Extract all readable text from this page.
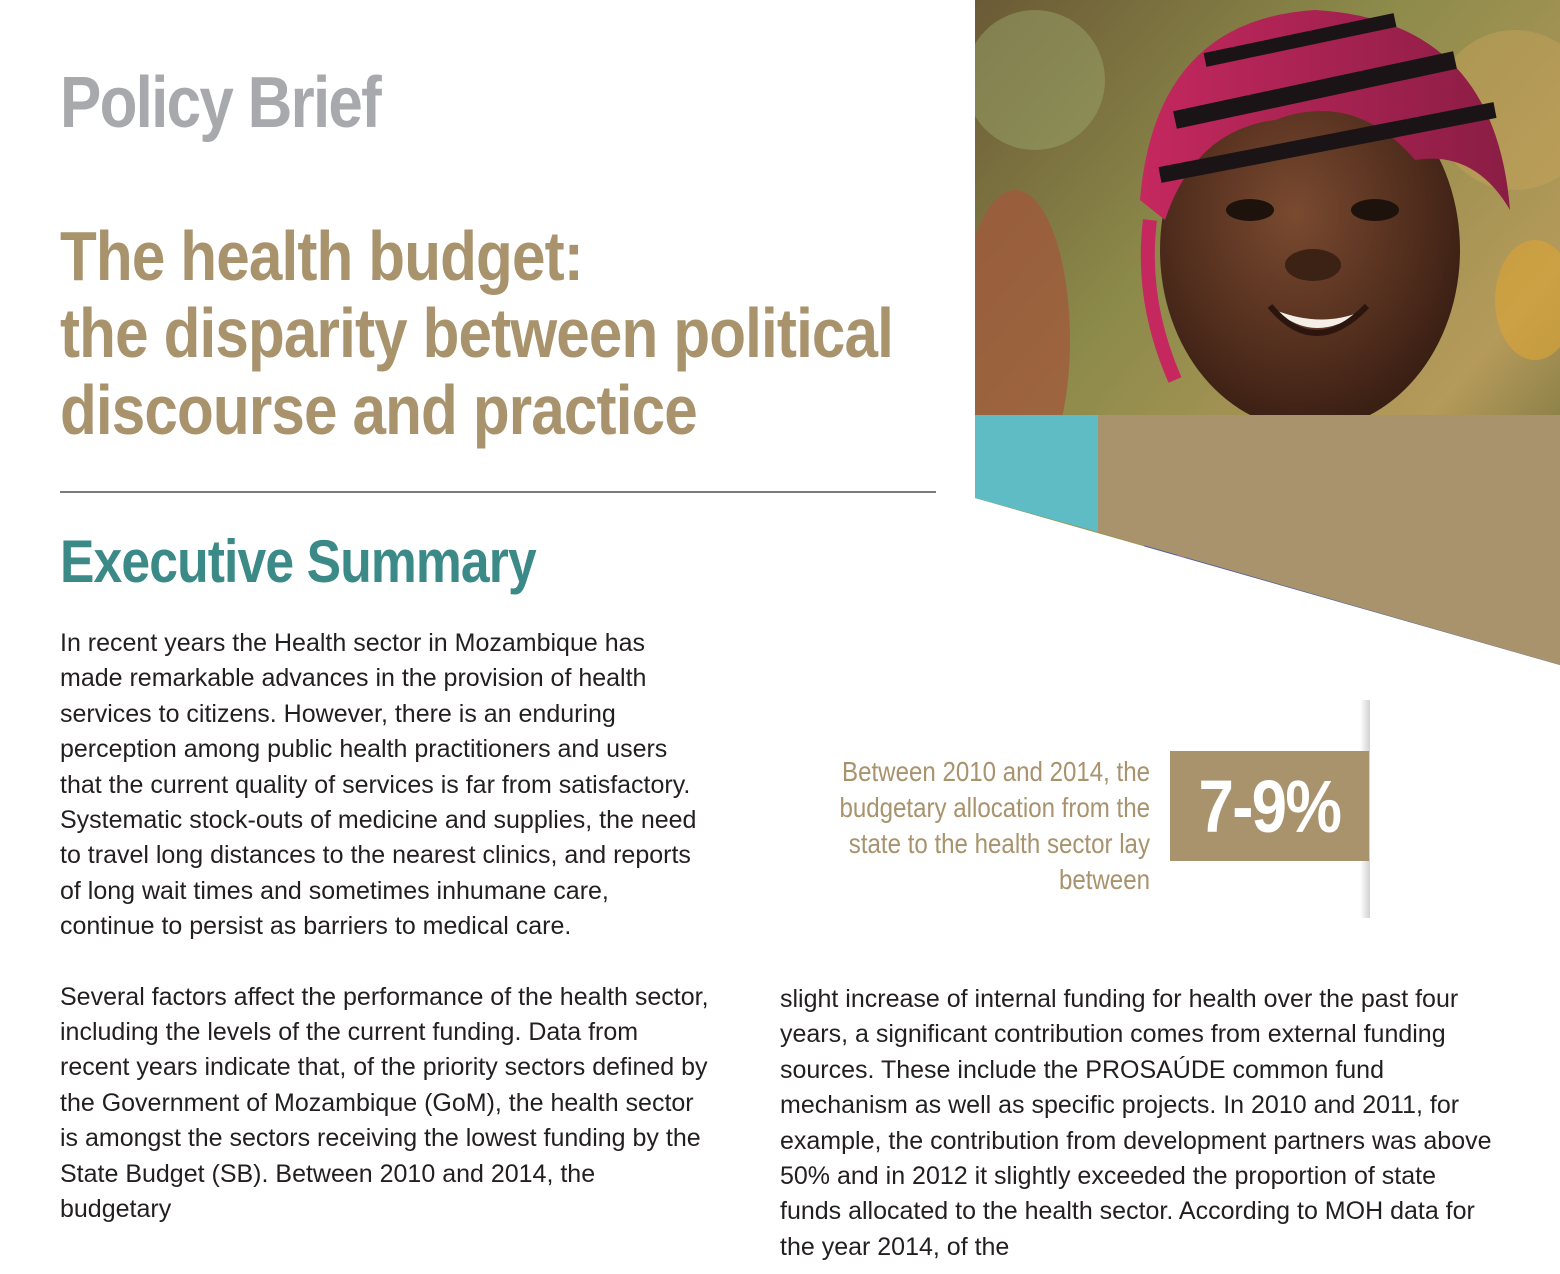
Policy Brief
The health budget:
the disparity between political
discourse and practice
Executive Summary

In recent years the Health sector in Mozambique has made remarkable advances in the provision of health services to citizens. However, there is an enduring perception among public health practitioners and users that the current quality of services is far from satisfactory. Systematic stock-outs of medicine and supplies, the need to travel long distances to the nearest clinics, and reports of long wait times and sometimes inhumane care, continue to persist as barriers to medical care.

Several factors affect the performance of the health sector, including the levels of the current funding. Data from recent years indicate that, of the priority sectors defined by the Government of Mozambique (GoM), the health sector is amongst the sectors receiving the lowest funding by the State Budget (SB). Between 2010 and 2014, the budgetary

slight increase of internal funding for health over the past four years, a significant contribution comes from external funding sources. These include the PROSAÚDE common fund mechanism as well as specific projects. In 2010 and 2011, for example, the contribution from development partners was above 50% and in 2012 it slightly exceeded the proportion of state funds allocated to the health sector. According to MOH data for the year 2014, of the

Between 2010 and 2014, the budgetary allocation from the state to the health sector lay between
7-9%
